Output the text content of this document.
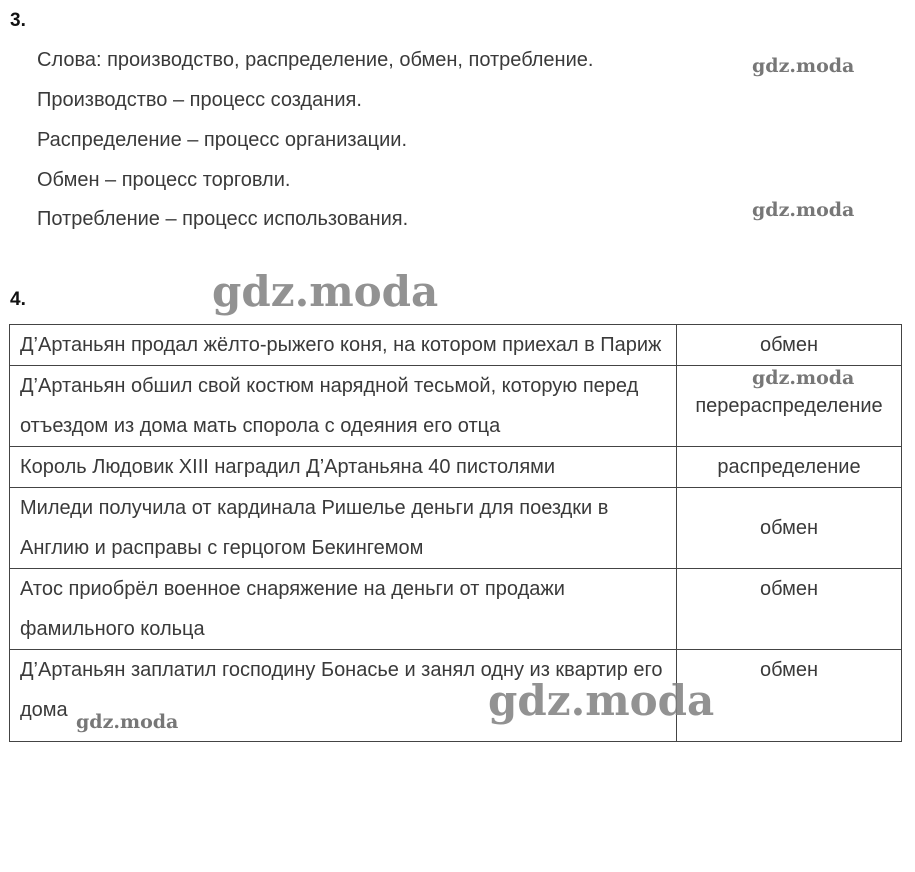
3.
Слова: производство, распределение, обмен, потребление.
Производство – процесс создания.
Распределение – процесс организации.
Обмен – процесс торговли.
Потребление – процесс использования.
4.
Д’Артаньян продал жёлто-рыжего коня, на котором приехал в Париж	обмен
Д’Артаньян обшил свой костюм нарядной тесьмой, которую перед отъездом из дома мать спорола с одеяния его отца	перераспределение
Король Людовик XIII наградил Д’Артаньяна 40 пистолями	распределение
Миледи получила от кардинала Ришелье деньги для поездки в Англию и расправы с герцогом Бекингемом	обмен
Атос приобрёл военное снаряжение на деньги от продажи фамильного кольца	обмен
Д’Артаньян заплатил господину Бонасье и занял одну из квартир его дома	обмен
gdz.moda
gdz.moda
gdz.moda
gdz.moda
gdz.moda
gdz.moda
